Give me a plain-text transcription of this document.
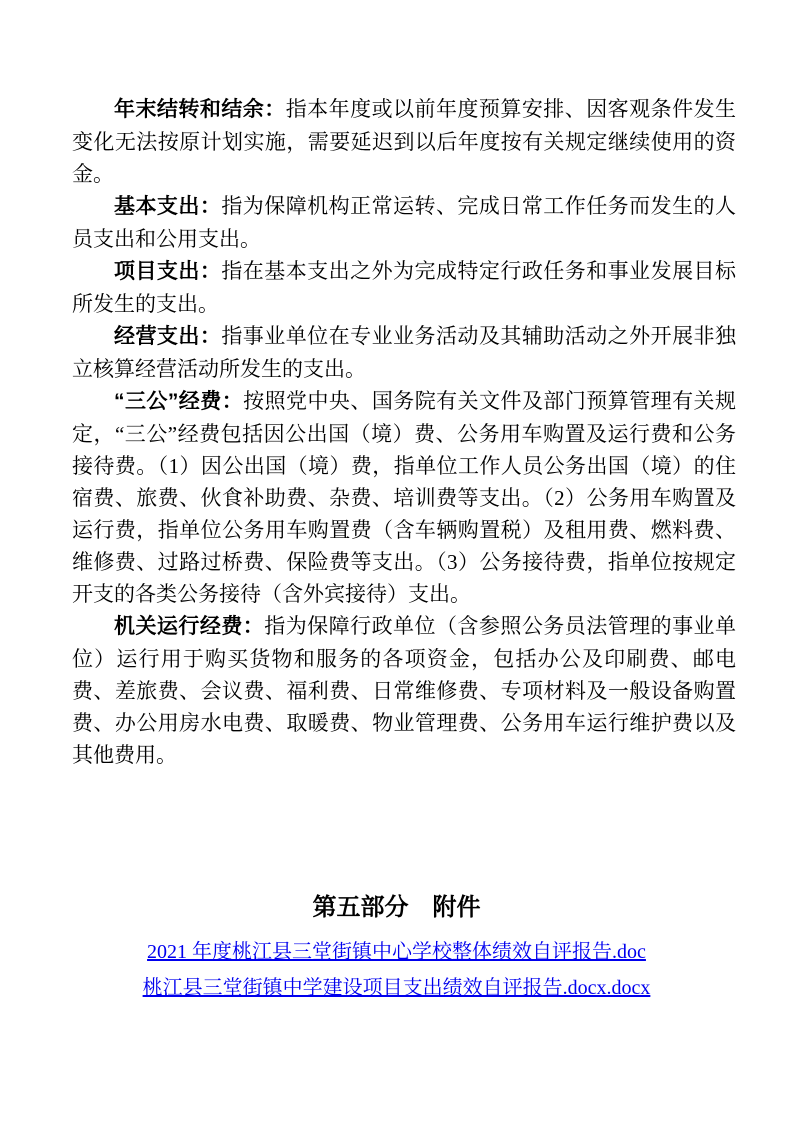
年末结转和结余：指本年度或以前年度预算安排、因客观条件发生变化无法按原计划实施，需要延迟到以后年度按有关规定继续使用的资金。

基本支出：指为保障机构正常运转、完成日常工作任务而发生的人员支出和公用支出。

项目支出：指在基本支出之外为完成特定行政任务和事业发展目标所发生的支出。

经营支出：指事业单位在专业业务活动及其辅助活动之外开展非独立核算经营活动所发生的支出。

“三公”经费：按照党中央、国务院有关文件及部门预算管理有关规定，“三公”经费包括因公出国（境）费、公务用车购置及运行费和公务接待费。（1）因公出国（境）费，指单位工作人员公务出国（境）的住宿费、旅费、伙食补助费、杂费、培训费等支出。（2）公务用车购置及运行费，指单位公务用车购置费（含车辆购置税）及租用费、燃料费、维修费、过路过桥费、保险费等支出。（3）公务接待费，指单位按规定开支的各类公务接待（含外宾接待）支出。

机关运行经费：指为保障行政单位（含参照公务员法管理的事业单位）运行用于购买货物和服务的各项资金，包括办公及印刷费、邮电费、差旅费、会议费、福利费、日常维修费、专项材料及一般设备购置费、办公用房水电费、取暖费、物业管理费、公务用车运行维护费以及其他费用。

第五部分　附件
2021 年度桃江县三堂街镇中心学校整体绩效自评报告.doc
桃江县三堂街镇中学建设项目支出绩效自评报告.docx.docx
